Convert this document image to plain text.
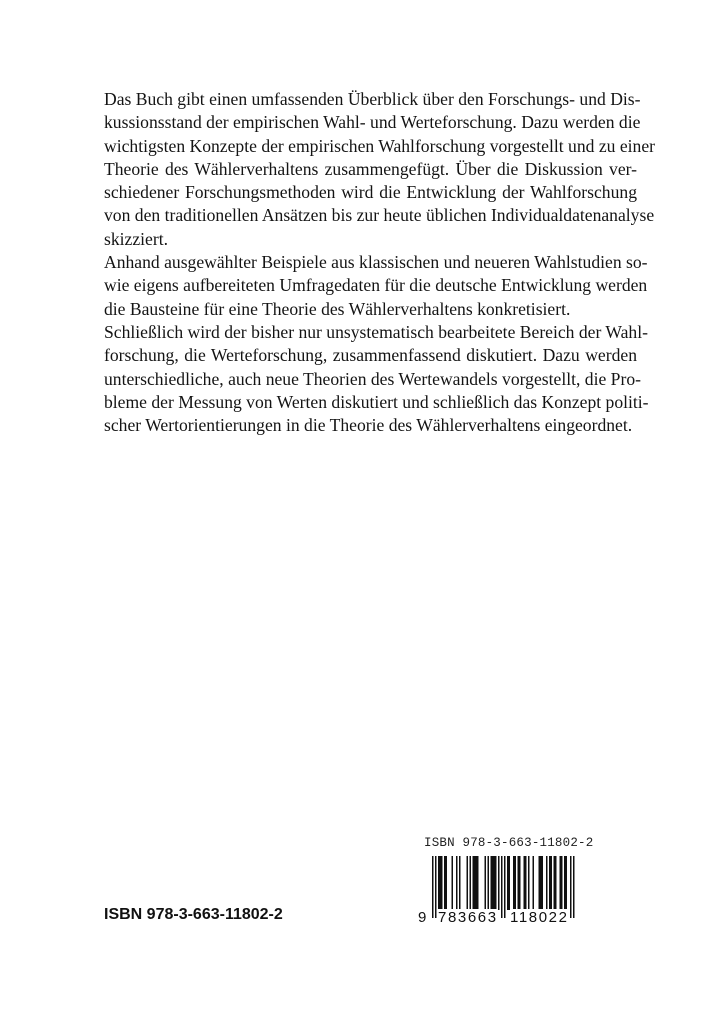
Das Buch gibt einen umfassenden Überblick über den Forschungs- und Dis-
kussionsstand der empirischen Wahl- und Werteforschung. Dazu werden die
wichtigsten Konzepte der empirischen Wahlforschung vorgestellt und zu einer
Theorie des Wählerverhaltens zusammengefügt. Über die Diskussion ver-
schiedener Forschungsmethoden wird die Entwicklung der Wahlforschung
von den traditionellen Ansätzen bis zur heute üblichen Individualdatenanalyse
skizziert.

Anhand ausgewählter Beispiele aus klassischen und neueren Wahlstudien so-
wie eigens aufbereiteten Umfragedaten für die deutsche Entwicklung werden
die Bausteine für eine Theorie des Wählerverhaltens konkretisiert.

Schließlich wird der bisher nur unsystematisch bearbeitete Bereich der Wahl-
forschung, die Werteforschung, zusammenfassend diskutiert. Dazu werden
unterschiedliche, auch neue Theorien des Wertewandels vorgestellt, die Pro-
bleme der Messung von Werten diskutiert und schließlich das Konzept politi-
scher Wertorientierungen in die Theorie des Wählerverhaltens eingeordnet.

ISBN 978-3-663-11802-2
ISBN 978-3-663-11802-2
9 783663 118022
